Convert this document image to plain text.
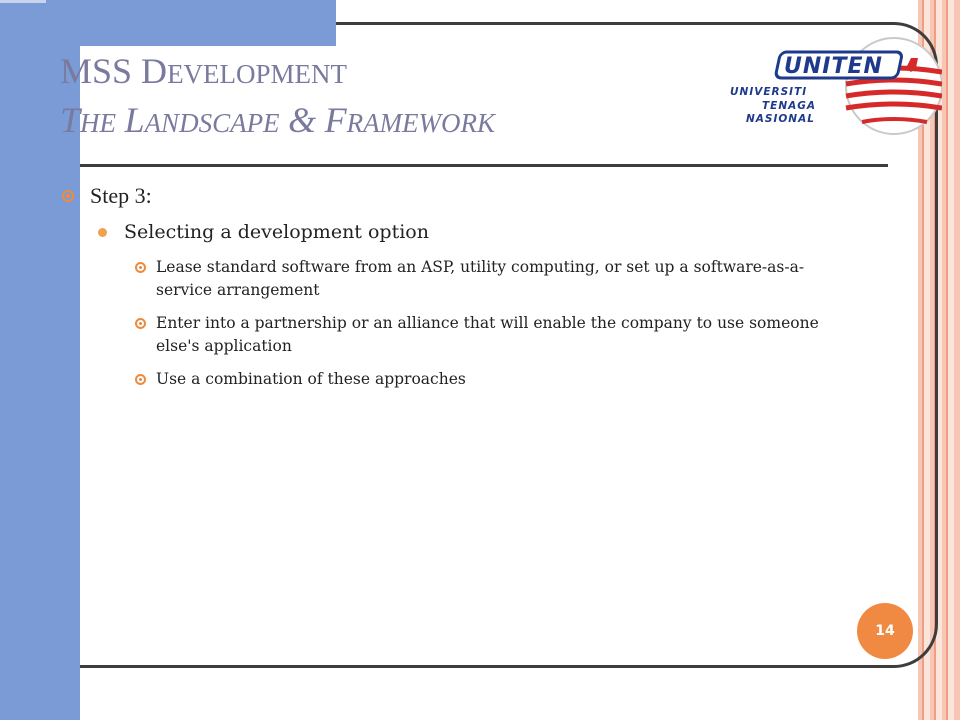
MSS DEVELOPMENT
THE LANDSCAPE & FRAMEWORK
UNITEN
UNIVERSITI
TENAGA
NASIONAL
Step 3:
Selecting a development option
Lease standard software from an ASP, utility computing, or set up a software-as-a-service arrangement
Enter into a partnership or an alliance that will enable the company to use someone else's application
Use a combination of these approaches
14
